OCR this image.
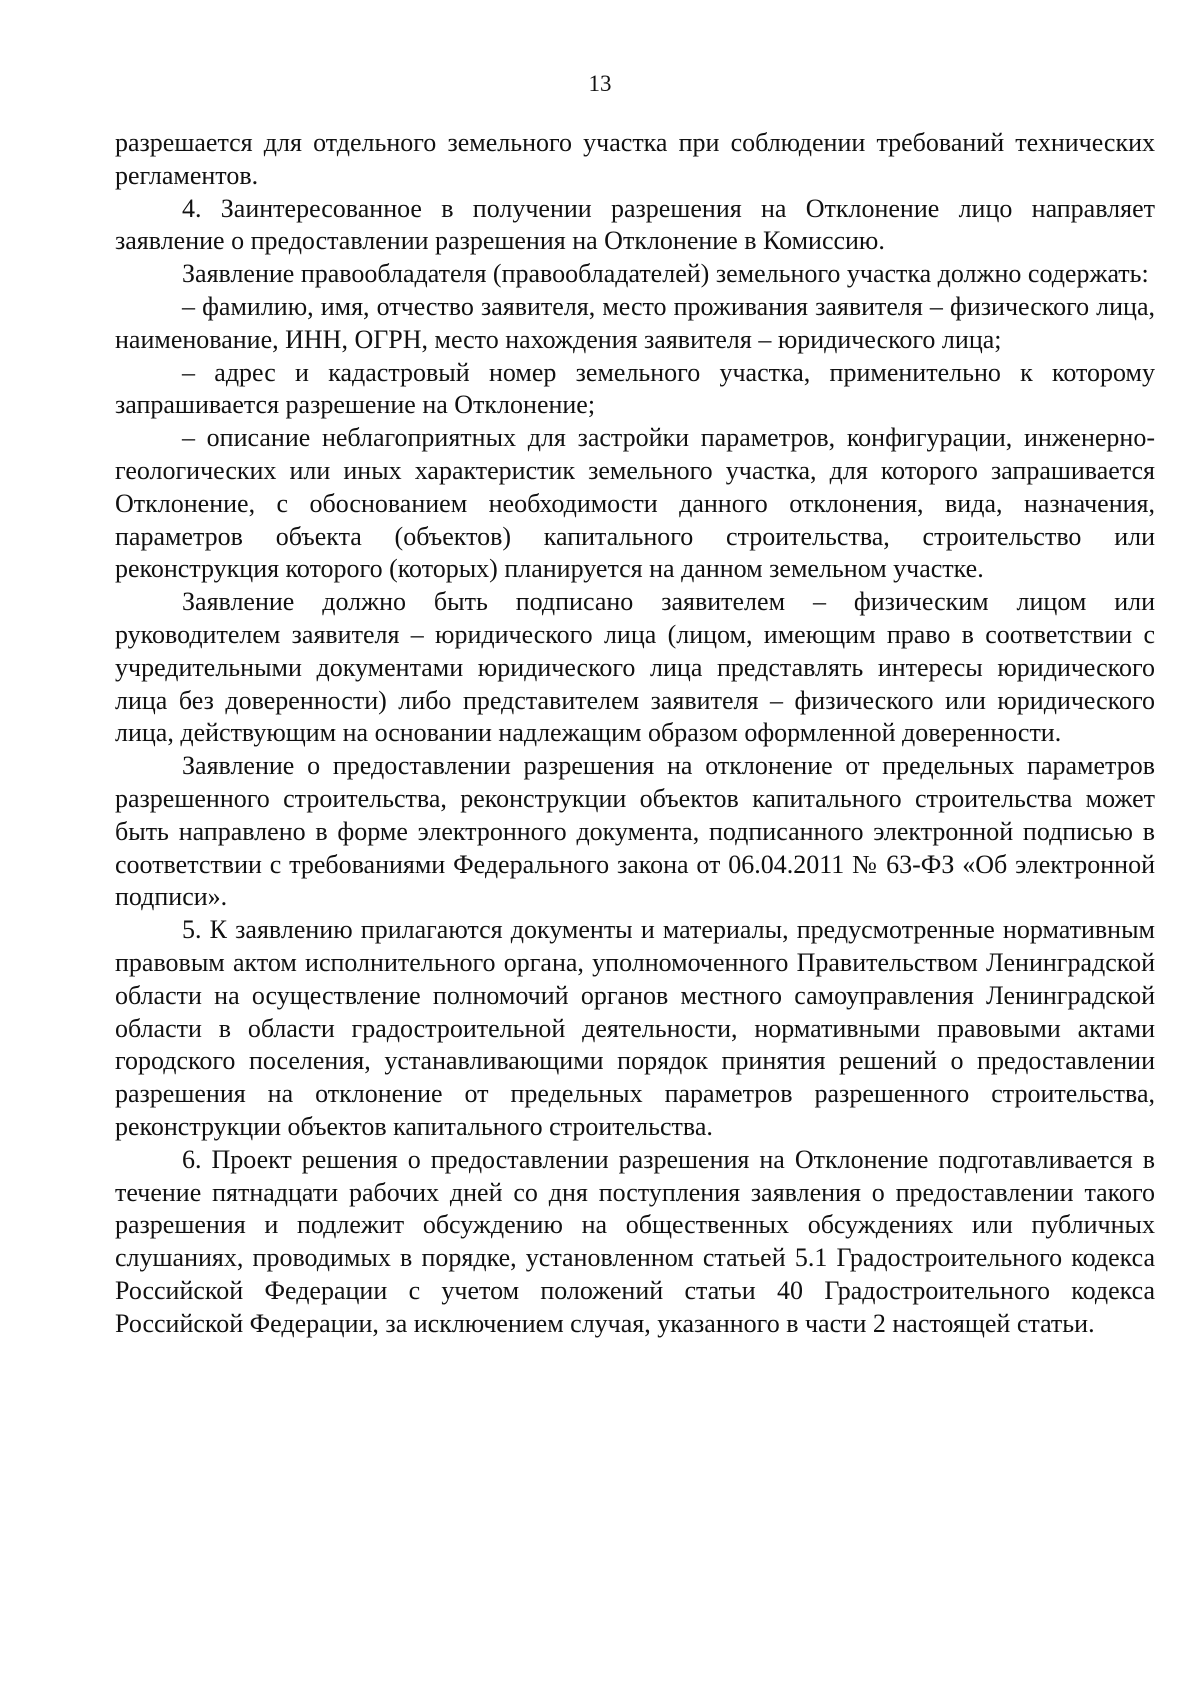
13

разрешается для отдельного земельного участка при соблюдении требований технических регламентов.

4. Заинтересованное в получении разрешения на Отклонение лицо направляет заявление о предоставлении разрешения на Отклонение в Комиссию.

Заявление правообладателя (правообладателей) земельного участка должно содержать:

– фамилию, имя, отчество заявителя, место проживания заявителя – физического лица, наименование, ИНН, ОГРН, место нахождения заявителя – юридического лица;

– адрес и кадастровый номер земельного участка, применительно к которому запрашивается разрешение на Отклонение;

– описание неблагоприятных для застройки параметров, конфигурации, инженерно-геологических или иных характеристик земельного участка, для которого запрашивается Отклонение, с обоснованием необходимости данного отклонения, вида, назначения, параметров объекта (объектов) капитального строительства, строительство или реконструкция которого (которых) планируется на данном земельном участке.

Заявление должно быть подписано заявителем – физическим лицом или руководителем заявителя – юридического лица (лицом, имеющим право в соответствии с учредительными документами юридического лица представлять интересы юридического лица без доверенности) либо представителем заявителя – физического или юридического лица, действующим на основании надлежащим образом оформленной доверенности.

Заявление о предоставлении разрешения на отклонение от предельных параметров разрешенного строительства, реконструкции объектов капитального строительства может быть направлено в форме электронного документа, подписанного электронной подписью в соответствии с требованиями Федерального закона от 06.04.2011 № 63-ФЗ «Об электронной подписи».

5. К заявлению прилагаются документы и материалы, предусмотренные нормативным правовым актом исполнительного органа, уполномоченного Правительством Ленинградской области на осуществление полномочий органов местного самоуправления Ленинградской области в области градостроительной деятельности, нормативными правовыми актами городского поселения, устанавливающими порядок принятия решений о предоставлении разрешения на отклонение от предельных параметров разрешенного строительства, реконструкции объектов капитального строительства.

6. Проект решения о предоставлении разрешения на Отклонение подготавливается в течение пятнадцати рабочих дней со дня поступления заявления о предоставлении такого разрешения и подлежит обсуждению на общественных обсуждениях или публичных слушаниях, проводимых в порядке, установленном статьей 5.1 Градостроительного кодекса Российской Федерации с учетом положений статьи 40 Градостроительного кодекса Российской Федерации, за исключением случая, указанного в части 2 настоящей статьи.
